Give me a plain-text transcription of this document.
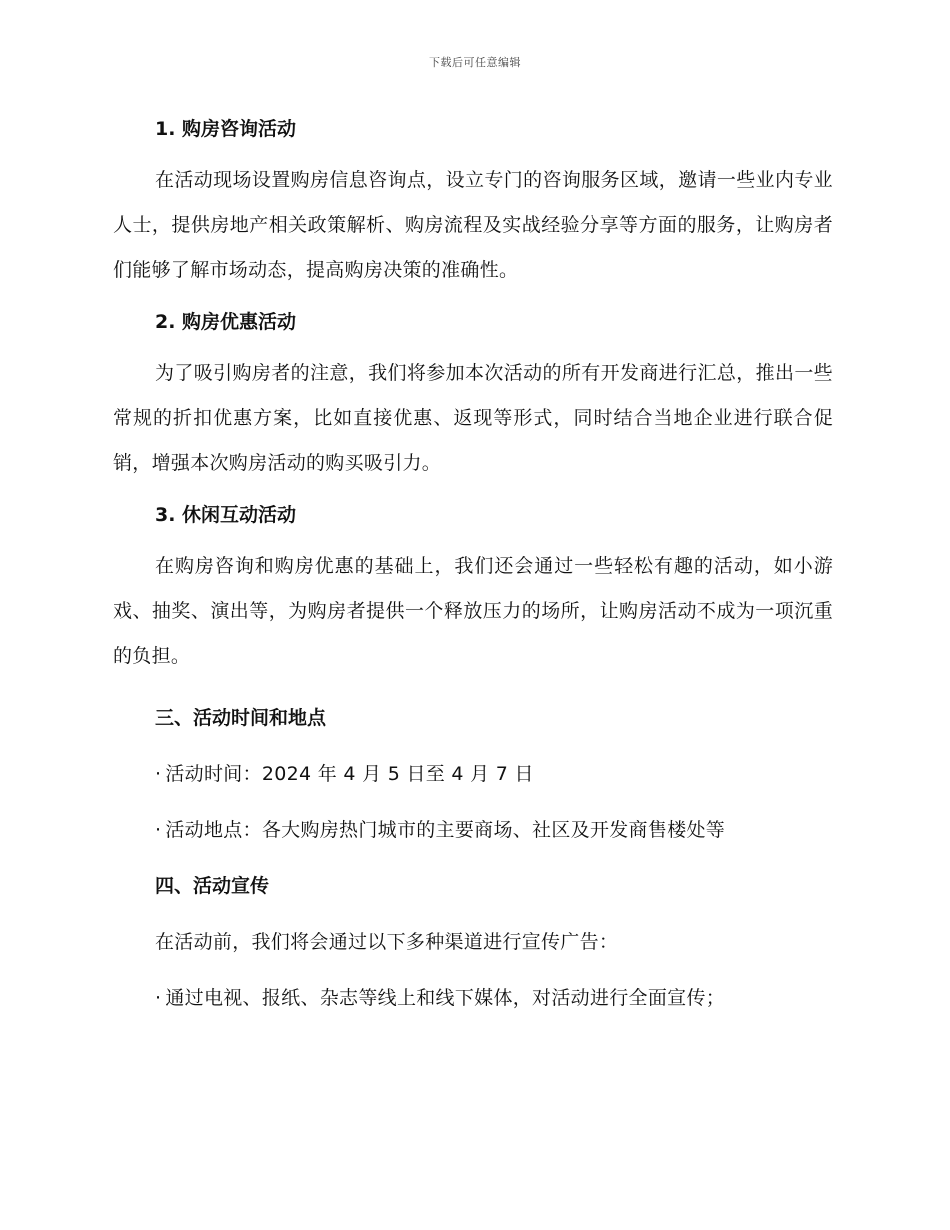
下载后可任意编辑
1. 购房咨询活动

在活动现场设置购房信息咨询点，设立专门的咨询服务区域，邀请一些业内专业人士，提供房地产相关政策解析、购房流程及实战经验分享等方面的服务，让购房者们能够了解市场动态，提高购房决策的准确性。

2. 购房优惠活动

为了吸引购房者的注意，我们将参加本次活动的所有开发商进行汇总，推出一些常规的折扣优惠方案，比如直接优惠、返现等形式，同时结合当地企业进行联合促销，增强本次购房活动的购买吸引力。

3. 休闲互动活动

在购房咨询和购房优惠的基础上，我们还会通过一些轻松有趣的活动，如小游戏、抽奖、演出等，为购房者提供一个释放压力的场所，让购房活动不成为一项沉重的负担。

三、活动时间和地点
· 活动时间：2024 年 4 月 5 日至 4 月 7 日
· 活动地点：各大购房热门城市的主要商场、社区及开发商售楼处等
四、活动宣传

在活动前，我们将会通过以下多种渠道进行宣传广告：

· 通过电视、报纸、杂志等线上和线下媒体，对活动进行全面宣传；
